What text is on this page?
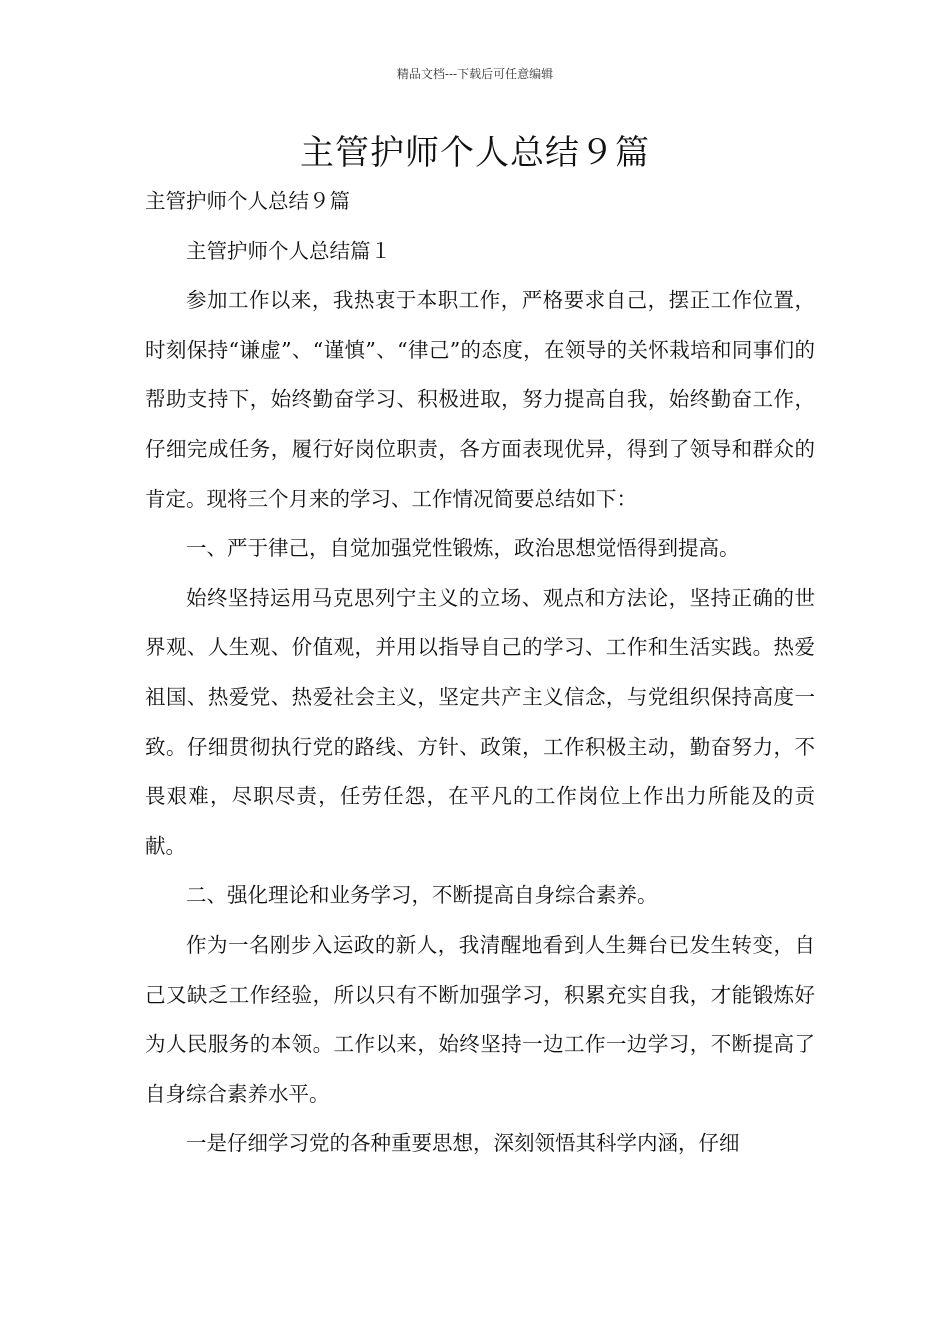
精品文档---下载后可任意编辑
主管护师个人总结９篇

主管护师个人总结９篇

主管护师个人总结篇１

参加工作以来，我热衷于本职工作，严格要求自己，摆正工作位置，时刻保持“谦虚”、“谨慎”、“律己”的态度，在领导的关怀栽培和同事们的帮助支持下，始终勤奋学习、积极进取，努力提高自我，始终勤奋工作，仔细完成任务，履行好岗位职责，各方面表现优异，得到了领导和群众的肯定。现将三个月来的学习、工作情况简要总结如下：

一、严于律己，自觉加强党性锻炼，政治思想觉悟得到提高。

始终坚持运用马克思列宁主义的立场、观点和方法论，坚持正确的世界观、人生观、价值观，并用以指导自己的学习、工作和生活实践。热爱祖国、热爱党、热爱社会主义，坚定共产主义信念，与党组织保持高度一致。仔细贯彻执行党的路线、方针、政策，工作积极主动，勤奋努力，不畏艰难，尽职尽责，任劳任怨，在平凡的工作岗位上作出力所能及的贡献。

二、强化理论和业务学习，不断提高自身综合素养。

作为一名刚步入运政的新人，我清醒地看到人生舞台已发生转变，自己又缺乏工作经验，所以只有不断加强学习，积累充实自我，才能锻炼好为人民服务的本领。工作以来，始终坚持一边工作一边学习，不断提高了自身综合素养水平。

一是仔细学习党的各种重要思想，深刻领悟其科学内涵，仔细
